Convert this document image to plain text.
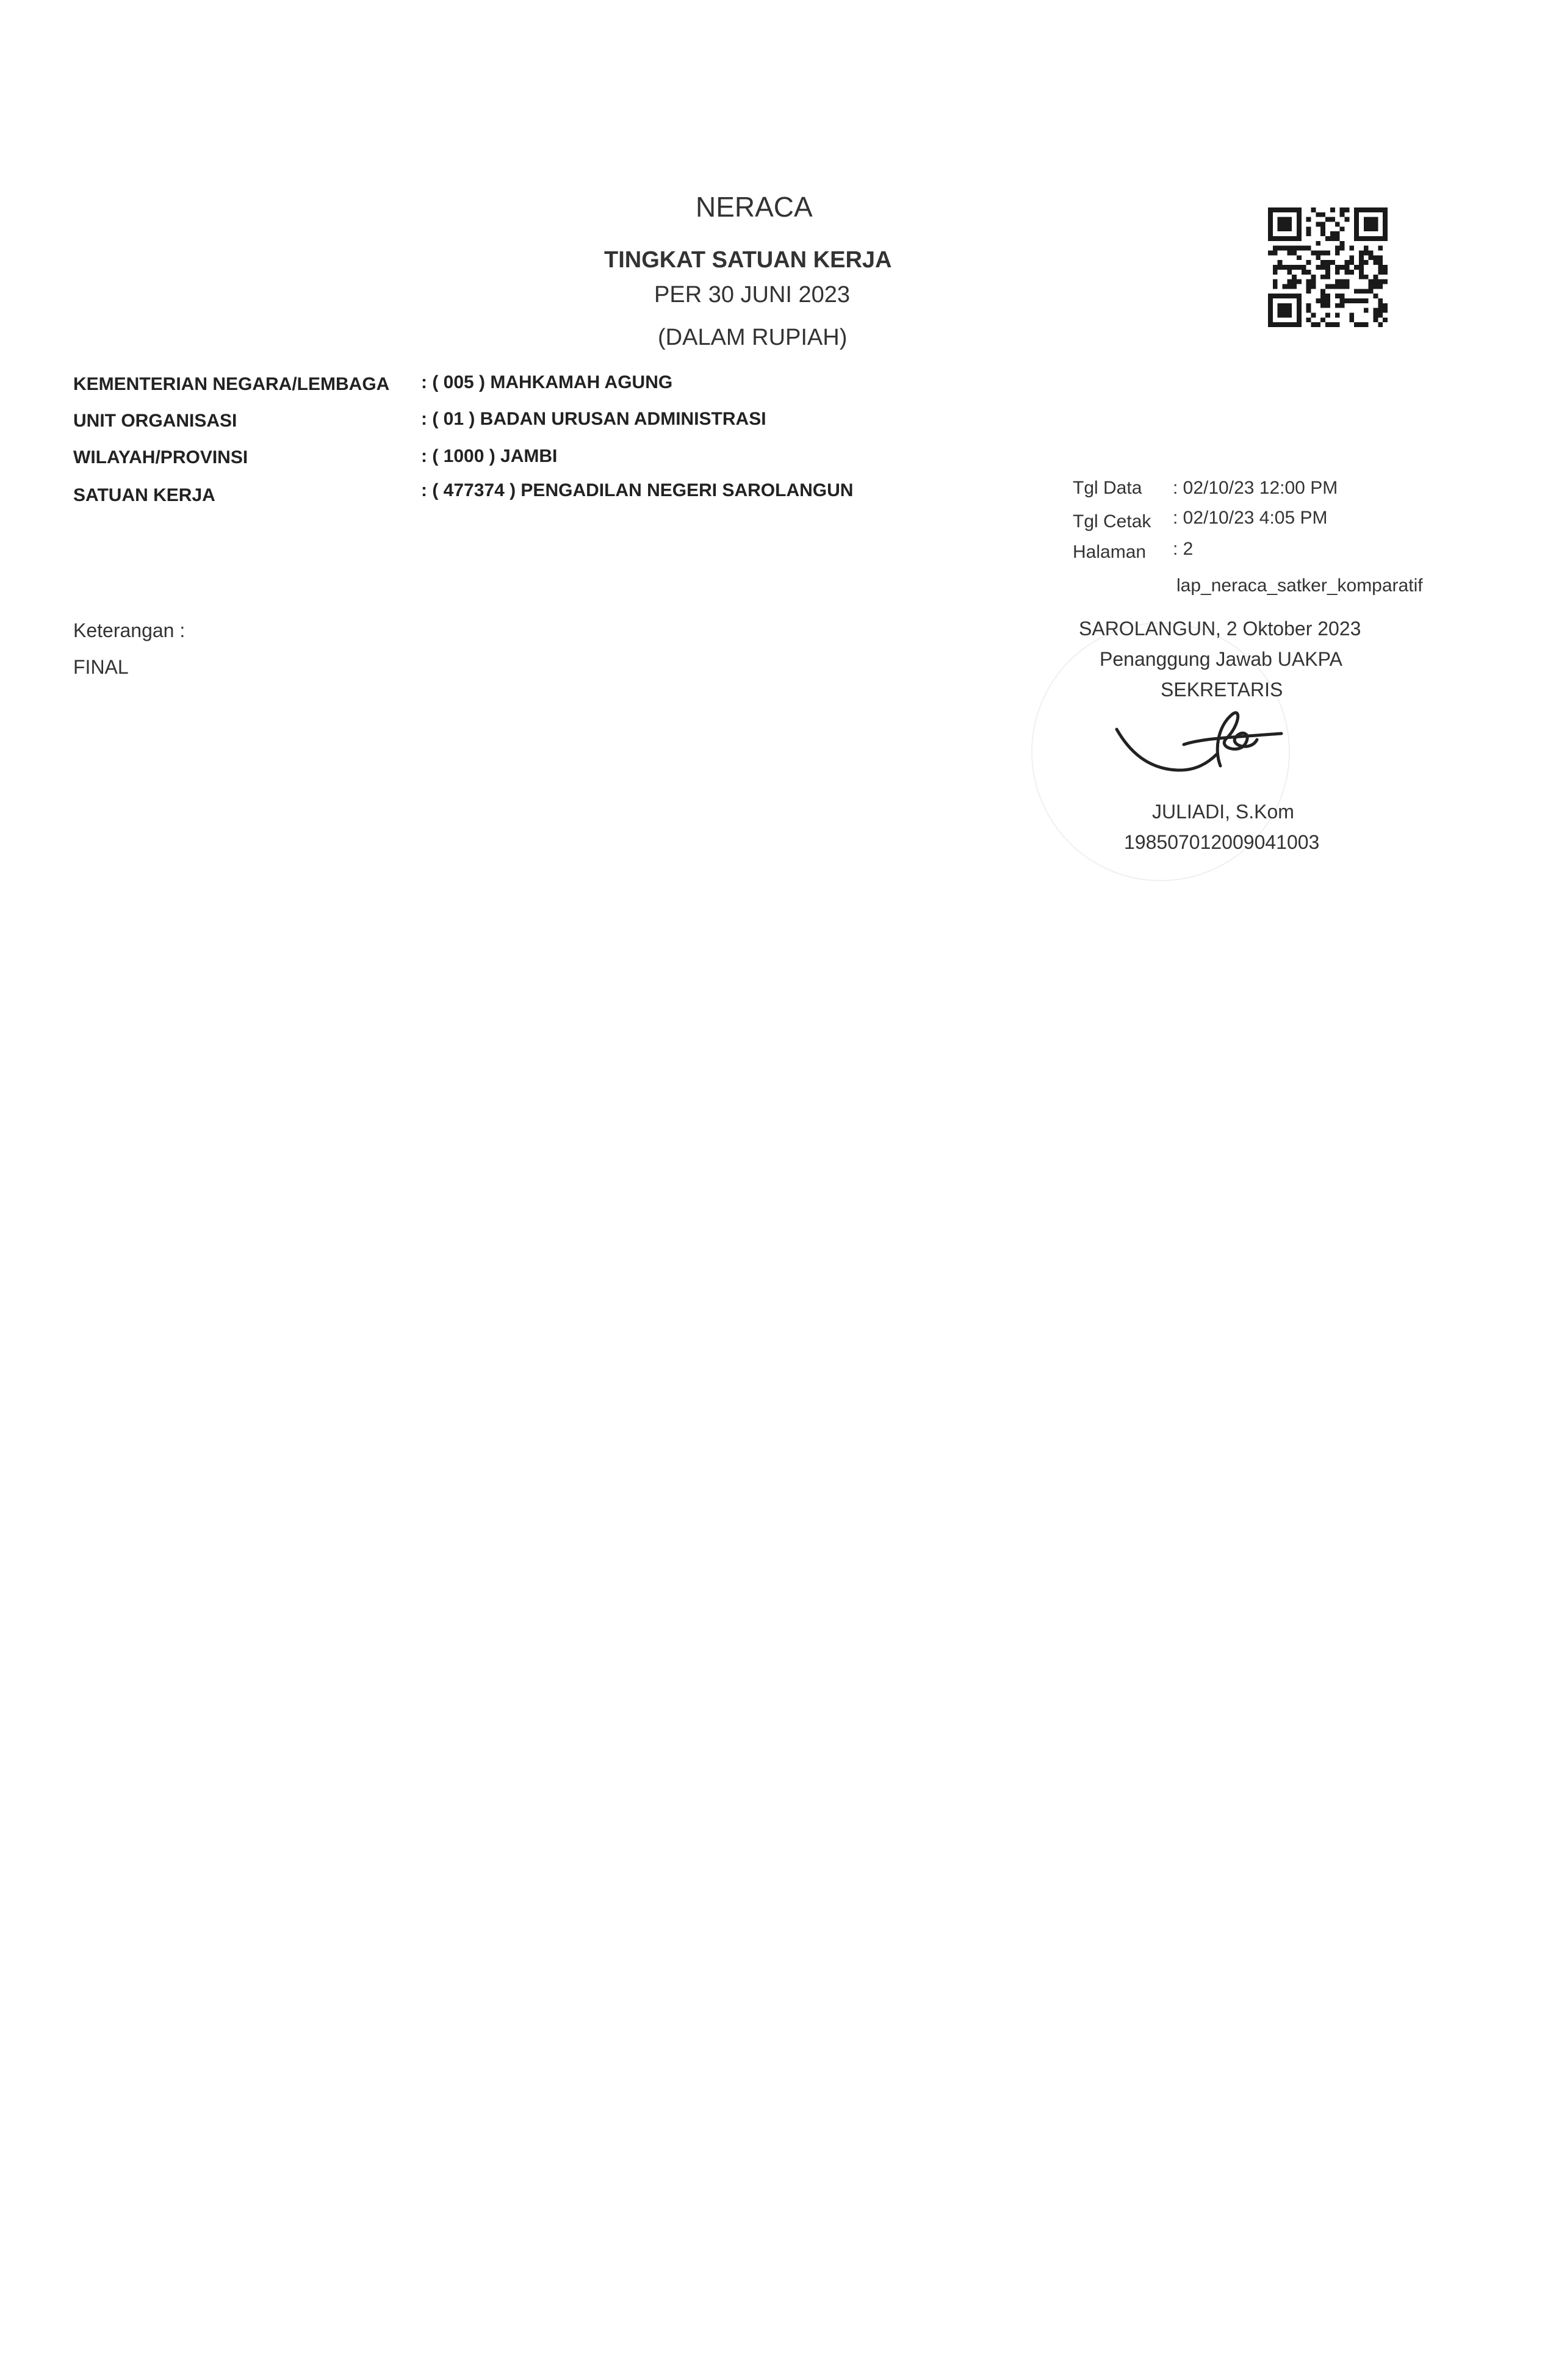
NERACA
TINGKAT SATUAN KERJA
PER 30 JUNI 2023
(DALAM RUPIAH)
KEMENTERIAN NEGARA/LEMBAGA : ( 005 ) MAHKAMAH AGUNG
UNIT ORGANISASI	: ( 01 ) BADAN URUSAN ADMINISTRASI
WILAYAH/PROVINSI	: ( 1000 ) JAMBI
SATUAN KERJA	: ( 477374 ) PENGADILAN NEGERI SAROLANGUN	Tgl Data : 02/10/23 12:00 PM
Tgl Cetak : 02/10/23 4:05 PM
Halaman : 2
lap_neraca_satker_komparatif
Keterangan :
FINAL
SAROLANGUN, 2 Oktober 2023
Penanggung Jawab UAKPA
SEKRETARIS
JULIADI, S.Kom
198507012009041003
